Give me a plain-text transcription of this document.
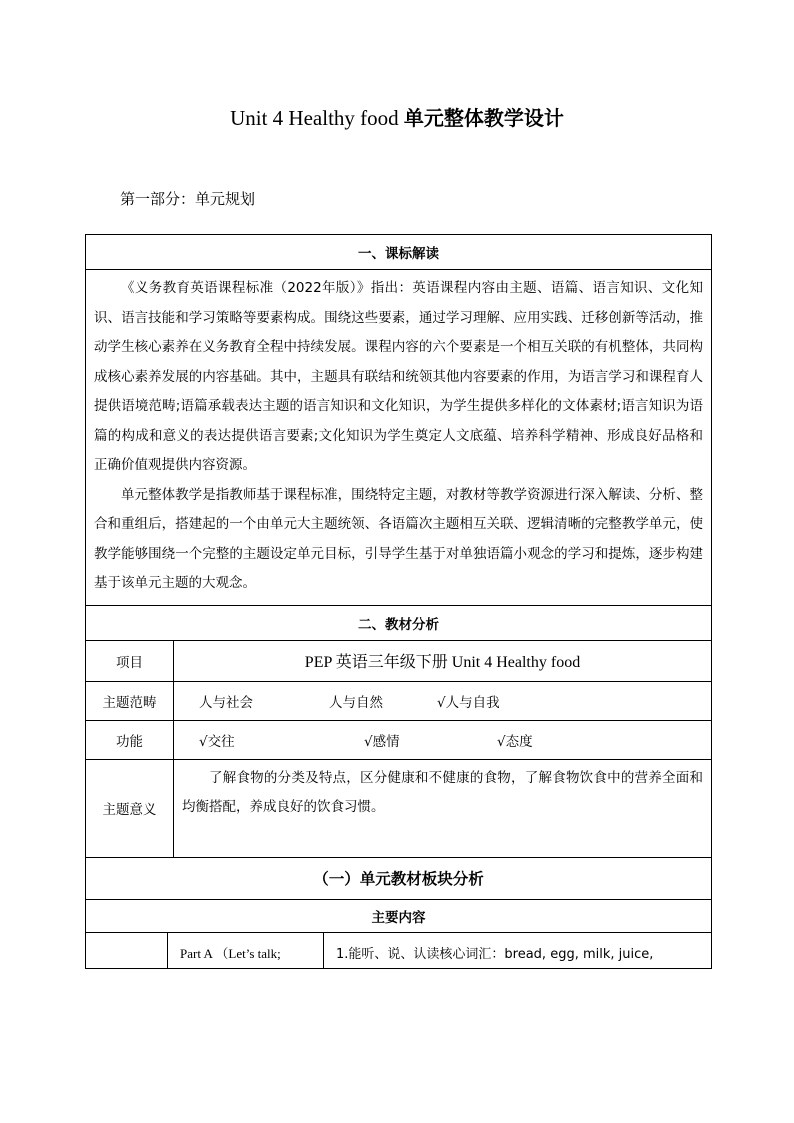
Unit 4 Healthy food 单元整体教学设计
第一部分：单元规划
一、课标解读			

《义务教育英语课程标准（2022年版）》指出：英语课程内容由主题、语篇、语言知识、文化知识、语言技能和学习策略等要素构成。围绕这些要素，通过学习理解、应用实践、迁移创新等活动，推动学生核心素养在义务教育全程中持续发展。课程内容的六个要素是一个相互关联的有机整体，共同构成核心素养发展的内容基础。其中，主题具有联结和统领其他内容要素的作用，为语言学习和课程育人提供语境范畴;语篇承载表达主题的语言知识和文化知识，为学生提供多样化的文体素材;语言知识为语篇的构成和意义的表达提供语言要素;文化知识为学生奠定人文底蕴、培养科学精神、形成良好品格和正确价值观提供内容资源。

单元整体教学是指教师基于课程标准，围绕特定主题，对教材等教学资源进行深入解读、分析、整合和重组后，搭建起的一个由单元大主题统领、各语篇次主题相互关联、逻辑清晰的完整教学单元，使教学能够围绕一个完整的主题设定单元目标，引导学生基于对单独语篇小观念的学习和提炼，逐步构建基于该单元主题的大观念。			

二、教材分析			
项目		PEP 英语三年级下册 Unit 4 Healthy food	
主题范畴		人与社会 人与自然 √人与自我	
功能		√交往 √感情 √态度	
主题意义		了解食物的分类及特点，区分健康和不健康的食物，了解食物饮食中的营养全面和均衡搭配，养成良好的饮食习惯。	
（一）单元教材板块分析			
主要内容			
	Part A （Let’s talk;		1.能听、说、认读核心词汇：bread, egg, milk, juice,
